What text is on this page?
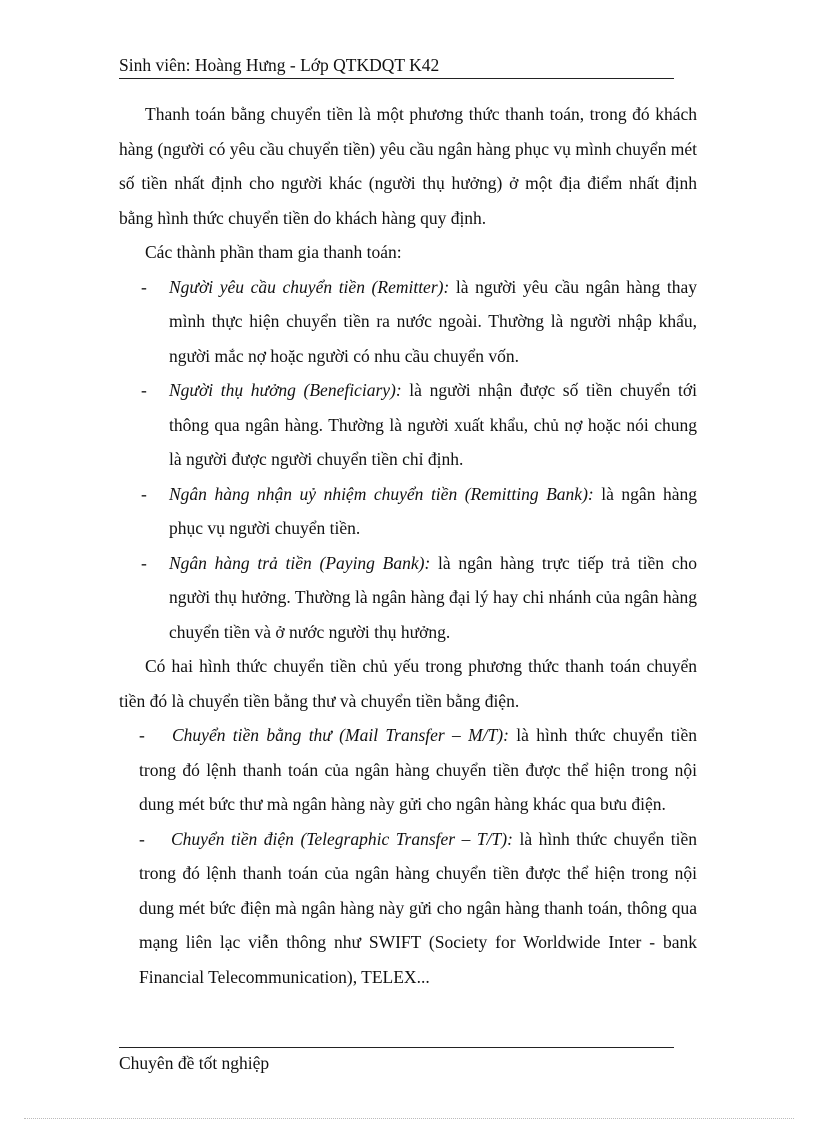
Sinh viên: Hoàng Hưng - Lớp QTKDQT K42

Thanh toán bằng chuyển tiền là một phương thức thanh toán, trong đó khách hàng (người có yêu cầu chuyển tiền) yêu cầu ngân hàng phục vụ mình chuyển mét số tiền nhất định cho người khác (người thụ hưởng) ở một địa điểm nhất định bằng hình thức chuyển tiền do khách hàng quy định.

Các thành phần tham gia thanh toán:

- Người yêu cầu chuyển tiền (Remitter): là người yêu cầu ngân hàng thay mình thực hiện chuyển tiền ra nước ngoài. Thường là người nhập khẩu, người mắc nợ hoặc người có nhu cầu chuyển vốn.
- Người thụ hưởng (Beneficiary): là người nhận được số tiền chuyển tới thông qua ngân hàng. Thường là người xuất khẩu, chủ nợ hoặc nói chung là người được người chuyển tiền chỉ định.
- Ngân hàng nhận uỷ nhiệm chuyển tiền (Remitting Bank): là ngân hàng phục vụ người chuyển tiền.
- Ngân hàng trả tiền (Paying Bank): là ngân hàng trực tiếp trả tiền cho người thụ hưởng. Thường là ngân hàng đại lý hay chi nhánh của ngân hàng chuyển tiền và ở nước người thụ hưởng.

Có hai hình thức chuyển tiền chủ yếu trong phương thức thanh toán chuyển tiền đó là chuyển tiền bằng thư và chuyển tiền bằng điện.

- Chuyển tiền bằng thư (Mail Transfer – M/T): là hình thức chuyển tiền trong đó lệnh thanh toán của ngân hàng chuyển tiền được thể hiện trong nội dung mét bức thư mà ngân hàng này gửi cho ngân hàng khác qua bưu điện.
- Chuyển tiền điện (Telegraphic Transfer – T/T): là hình thức chuyển tiền trong đó lệnh thanh toán của ngân hàng chuyển tiền được thể hiện trong nội dung mét bức điện mà ngân hàng này gửi cho ngân hàng thanh toán, thông qua mạng liên lạc viễn thông như SWIFT (Society for Worldwide Inter - bank Financial Telecommunication), TELEX...
Chuyên đề tốt nghiệp
